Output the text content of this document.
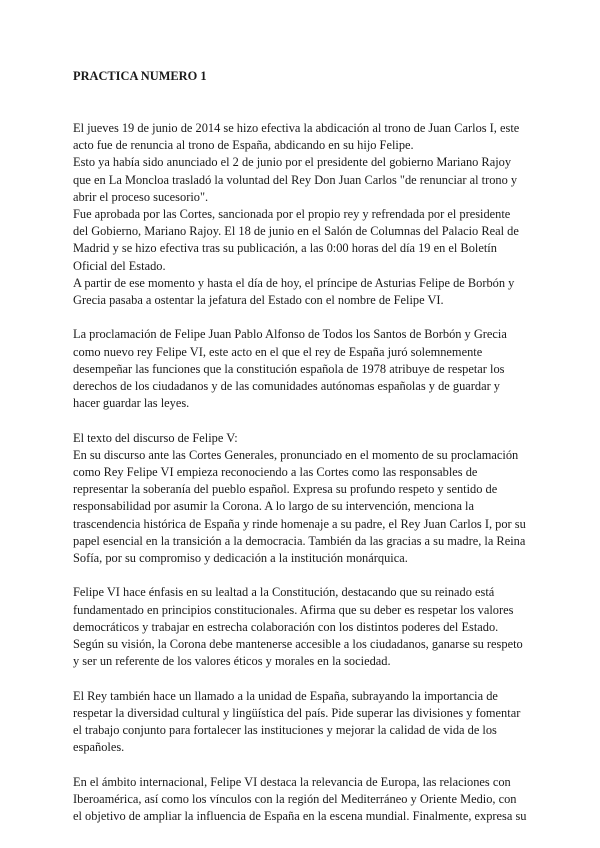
PRACTICA NUMERO 1

El jueves 19 de junio de 2014 se hizo efectiva la abdicación al trono de Juan Carlos I, este acto fue de renuncia al trono de España, abdicando en su hijo Felipe.
Esto ya había sido anunciado el 2 de junio por el presidente del gobierno Mariano Rajoy que en La Moncloa trasladó la voluntad del Rey Don Juan Carlos "de renunciar al trono y abrir el proceso sucesorio".
Fue aprobada por las Cortes, sancionada por el propio rey y refrendada por el presidente del Gobierno, Mariano Rajoy. El 18 de junio en el Salón de Columnas del Palacio Real de Madrid y se hizo efectiva tras su publicación, a las 0:00 horas del día 19 en el Boletín Oficial del Estado.
A partir de ese momento y hasta el día de hoy, el príncipe de Asturias Felipe de Borbón y Grecia pasaba a ostentar la jefatura del Estado con el nombre de Felipe VI.

La proclamación de Felipe Juan Pablo Alfonso de Todos los Santos de Borbón y Grecia como nuevo rey Felipe VI, este acto en el que el rey de España juró solemnemente desempeñar las funciones que la constitución española de 1978 atribuye de respetar los derechos de los ciudadanos y de las comunidades autónomas españolas y de guardar y hacer guardar las leyes.

El texto del discurso de Felipe V:
En su discurso ante las Cortes Generales, pronunciado en el momento de su proclamación como Rey Felipe VI empieza reconociendo a las Cortes como las responsables de representar la soberanía del pueblo español. Expresa su profundo respeto y sentido de responsabilidad por asumir la Corona. A lo largo de su intervención, menciona la trascendencia histórica de España y rinde homenaje a su padre, el Rey Juan Carlos I, por su papel esencial en la transición a la democracia. También da las gracias a su madre, la Reina Sofía, por su compromiso y dedicación a la institución monárquica.

Felipe VI hace énfasis en su lealtad a la Constitución, destacando que su reinado está fundamentado en principios constitucionales. Afirma que su deber es respetar los valores democráticos y trabajar en estrecha colaboración con los distintos poderes del Estado. Según su visión, la Corona debe mantenerse accesible a los ciudadanos, ganarse su respeto y ser un referente de los valores éticos y morales en la sociedad.

El Rey también hace un llamado a la unidad de España, subrayando la importancia de respetar la diversidad cultural y lingüística del país. Pide superar las divisiones y fomentar el trabajo conjunto para fortalecer las instituciones y mejorar la calidad de vida de los españoles.

En el ámbito internacional, Felipe VI destaca la relevancia de Europa, las relaciones con Iberoamérica, así como los vínculos con la región del Mediterráneo y Oriente Medio, con el objetivo de ampliar la influencia de España en la escena mundial. Finalmente, expresa su
